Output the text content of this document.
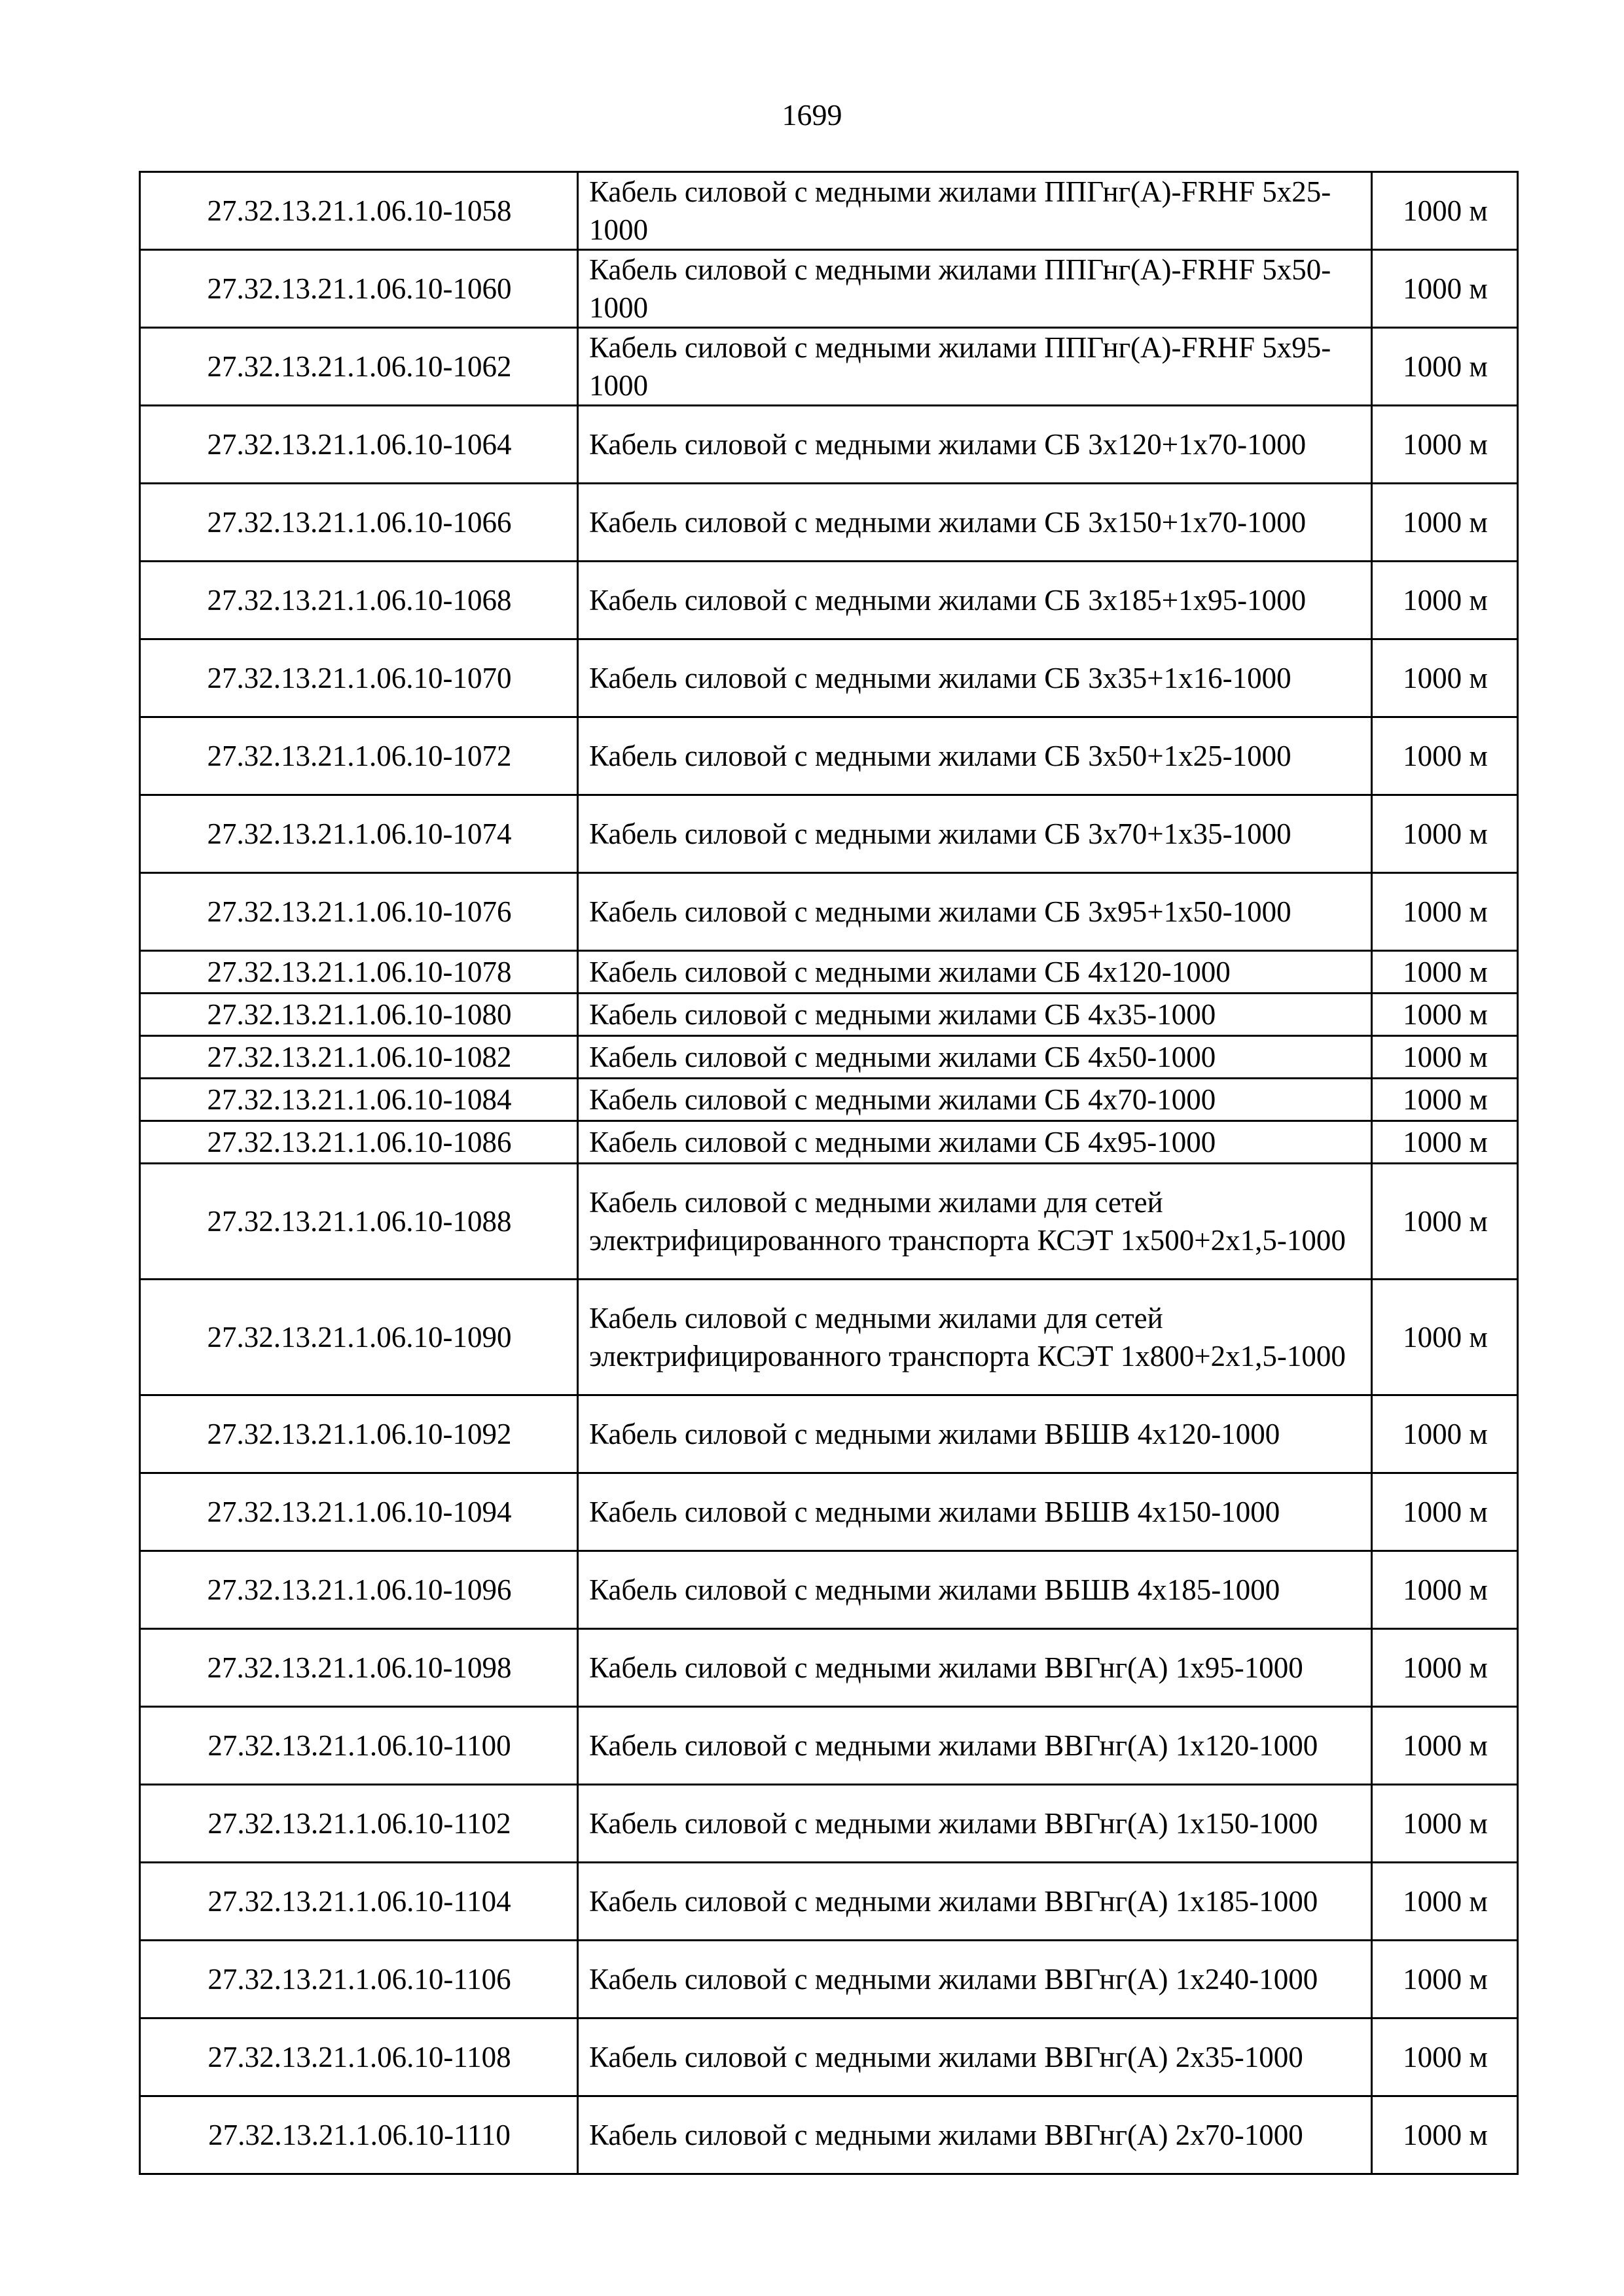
1699
27.32.13.21.1.06.10-1058	Кабель силовой с медными жилами ППГнг(А)-FRHF 5х25-1000	1000 м
27.32.13.21.1.06.10-1060	Кабель силовой с медными жилами ППГнг(А)-FRHF 5х50-1000	1000 м
27.32.13.21.1.06.10-1062	Кабель силовой с медными жилами ППГнг(А)-FRHF 5х95-1000	1000 м
27.32.13.21.1.06.10-1064	Кабель силовой с медными жилами СБ 3х120+1х70-1000	1000 м
27.32.13.21.1.06.10-1066	Кабель силовой с медными жилами СБ 3х150+1х70-1000	1000 м
27.32.13.21.1.06.10-1068	Кабель силовой с медными жилами СБ 3х185+1х95-1000	1000 м
27.32.13.21.1.06.10-1070	Кабель силовой с медными жилами СБ 3х35+1х16-1000	1000 м
27.32.13.21.1.06.10-1072	Кабель силовой с медными жилами СБ 3х50+1х25-1000	1000 м
27.32.13.21.1.06.10-1074	Кабель силовой с медными жилами СБ 3х70+1х35-1000	1000 м
27.32.13.21.1.06.10-1076	Кабель силовой с медными жилами СБ 3х95+1х50-1000	1000 м
27.32.13.21.1.06.10-1078	Кабель силовой с медными жилами СБ 4х120-1000	1000 м
27.32.13.21.1.06.10-1080	Кабель силовой с медными жилами СБ 4х35-1000	1000 м
27.32.13.21.1.06.10-1082	Кабель силовой с медными жилами СБ 4х50-1000	1000 м
27.32.13.21.1.06.10-1084	Кабель силовой с медными жилами СБ 4х70-1000	1000 м
27.32.13.21.1.06.10-1086	Кабель силовой с медными жилами СБ 4х95-1000	1000 м
27.32.13.21.1.06.10-1088	Кабель силовой с медными жилами для сетей электрифицированного транспорта КСЭТ 1х500+2х1,5-1000	1000 м
27.32.13.21.1.06.10-1090	Кабель силовой с медными жилами для сетей электрифицированного транспорта КСЭТ 1х800+2х1,5-1000	1000 м
27.32.13.21.1.06.10-1092	Кабель силовой с медными жилами ВБШВ 4х120-1000	1000 м
27.32.13.21.1.06.10-1094	Кабель силовой с медными жилами ВБШВ 4х150-1000	1000 м
27.32.13.21.1.06.10-1096	Кабель силовой с медными жилами ВБШВ 4х185-1000	1000 м
27.32.13.21.1.06.10-1098	Кабель силовой с медными жилами ВВГнг(А) 1х95-1000	1000 м
27.32.13.21.1.06.10-1100	Кабель силовой с медными жилами ВВГнг(А) 1х120-1000	1000 м
27.32.13.21.1.06.10-1102	Кабель силовой с медными жилами ВВГнг(А) 1х150-1000	1000 м
27.32.13.21.1.06.10-1104	Кабель силовой с медными жилами ВВГнг(А) 1х185-1000	1000 м
27.32.13.21.1.06.10-1106	Кабель силовой с медными жилами ВВГнг(А) 1х240-1000	1000 м
27.32.13.21.1.06.10-1108	Кабель силовой с медными жилами ВВГнг(А) 2х35-1000	1000 м
27.32.13.21.1.06.10-1110	Кабель силовой с медными жилами ВВГнг(А) 2х70-1000	1000 м
